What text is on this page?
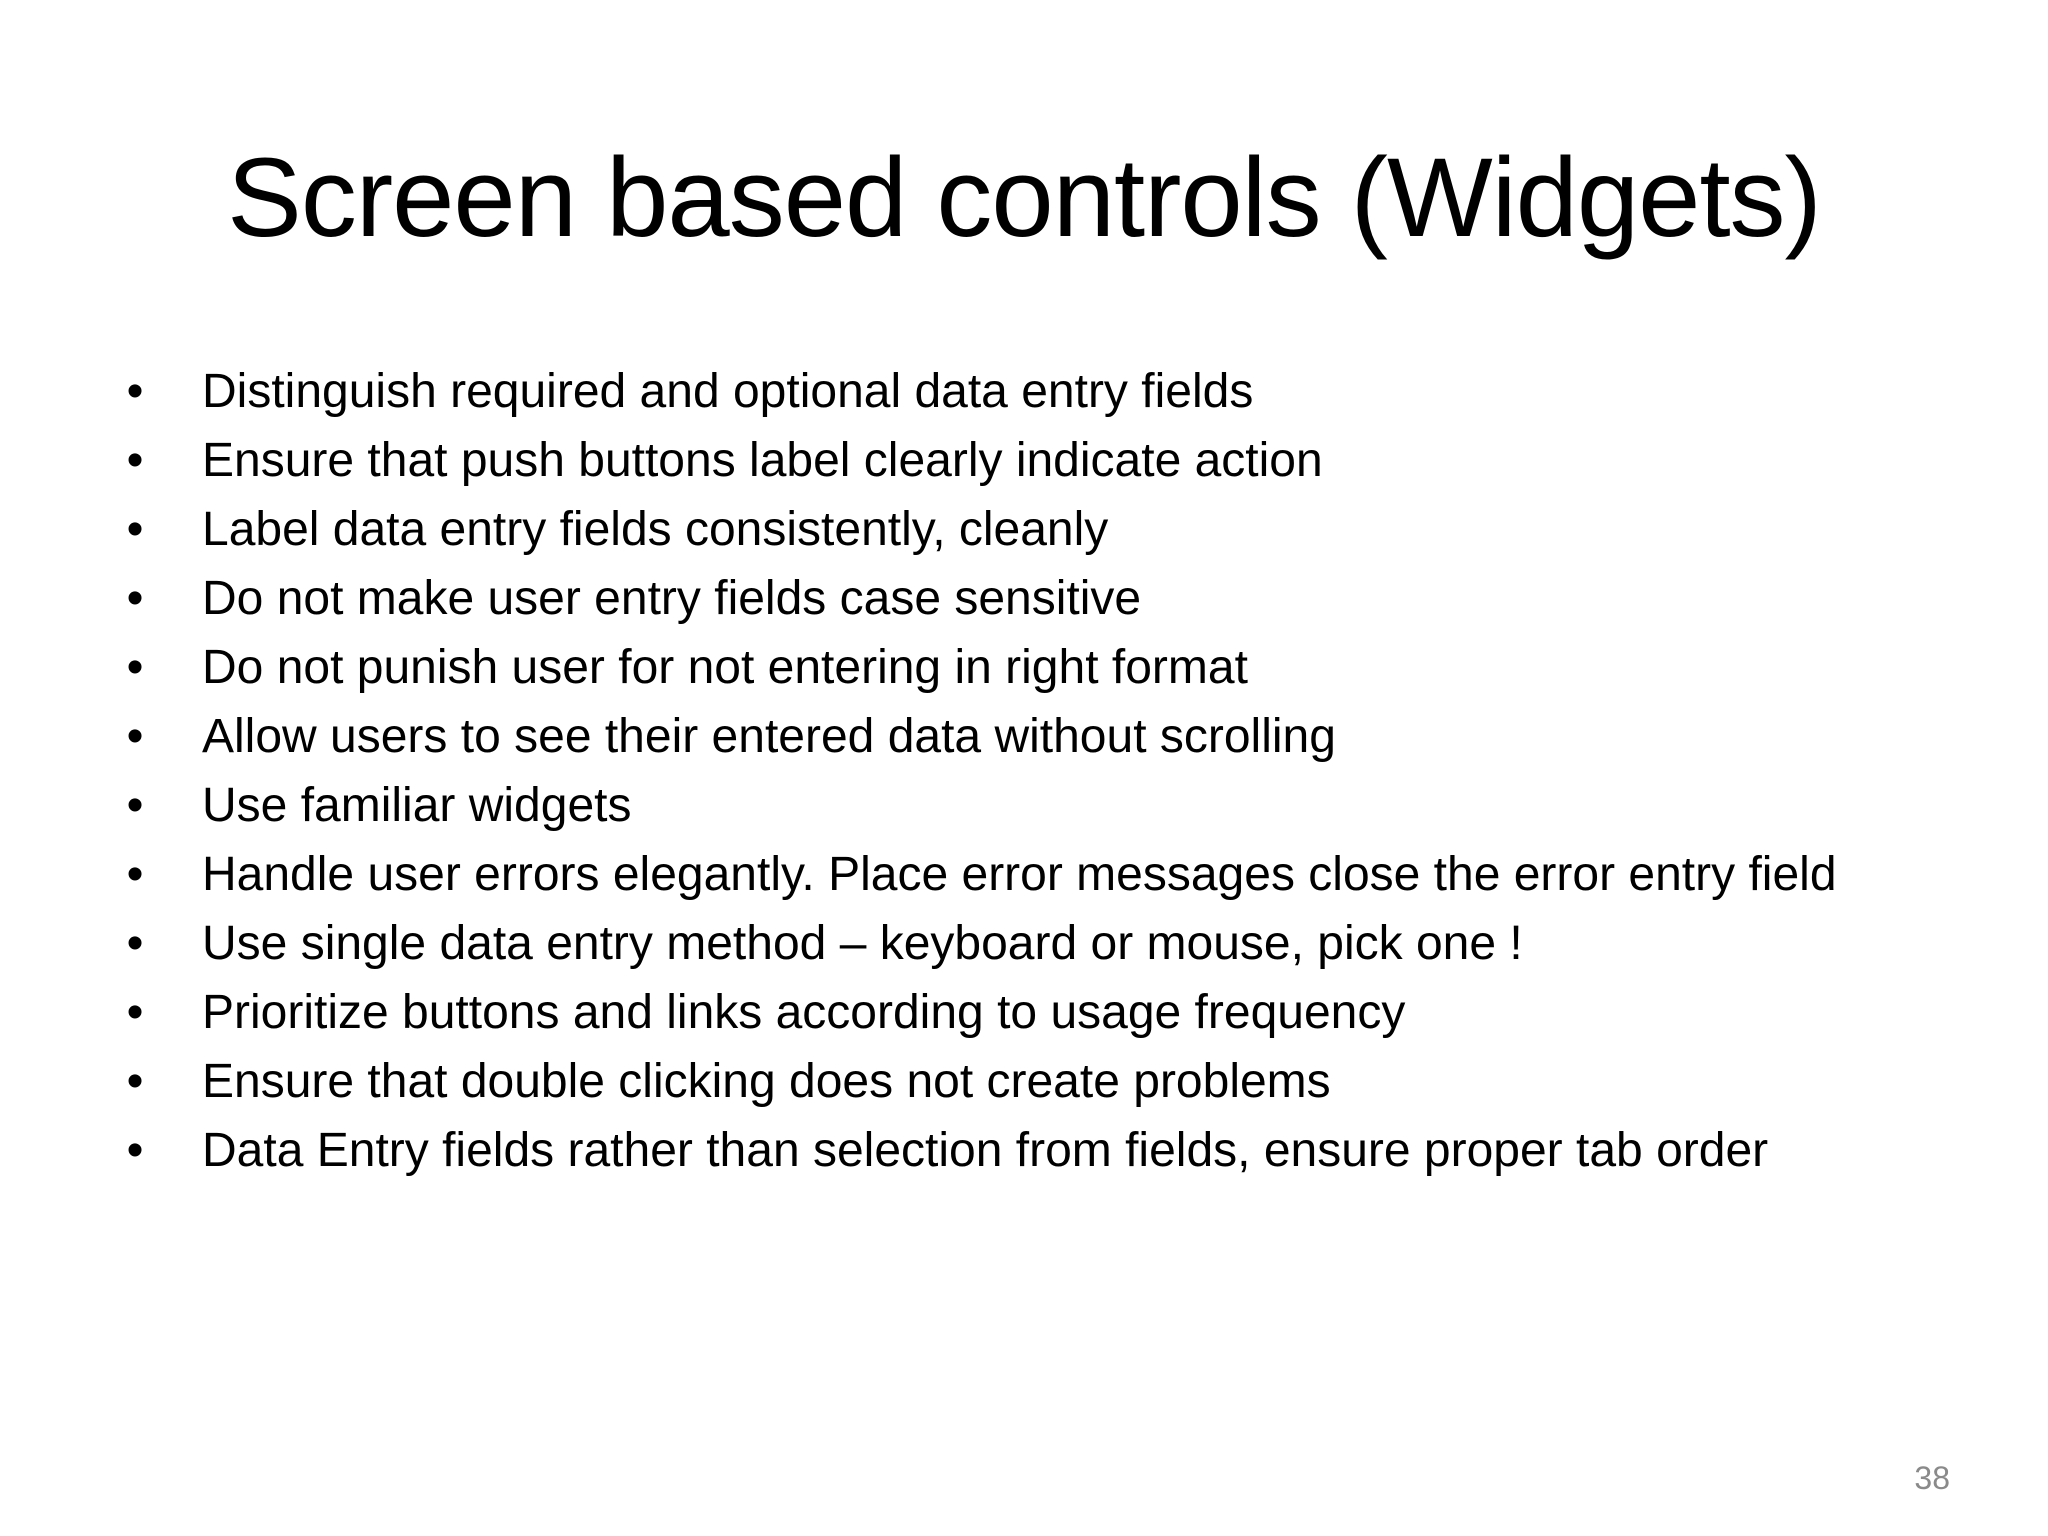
Screen based controls (Widgets)
• Distinguish required and optional data entry fields
• Ensure that push buttons label clearly indicate action
• Label data entry fields consistently, cleanly
• Do not make user entry fields case sensitive
• Do not punish user for not entering in right format
• Allow users to see their entered data without scrolling
• Use familiar widgets
• Handle user errors elegantly. Place error messages close the error entry field
• Use single data entry method – keyboard or mouse, pick one !
• Prioritize buttons and links according to usage frequency
• Ensure that double clicking does not create problems
• Data Entry fields rather than selection from fields, ensure proper tab order
38
